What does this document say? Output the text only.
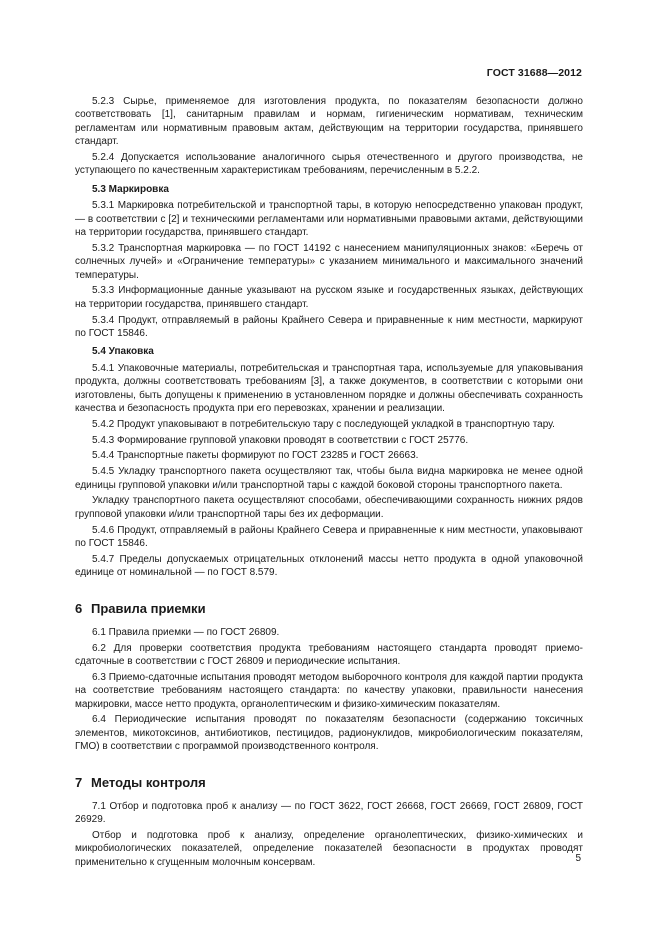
ГОСТ 31688—2012

5.2.3 Сырье, применяемое для изготовления продукта, по показателям безопасности должно соответствовать [1], санитарным правилам и нормам, гигиеническим нормативам, техническим регламентам или нормативным правовым актам, действующим на территории государства, принявшего стандарт.

5.2.4 Допускается использование аналогичного сырья отечественного и другого производства, не уступающего по качественным характеристикам требованиям, перечисленным в 5.2.2.

5.3 Маркировка

5.3.1 Маркировка потребительской и транспортной тары, в которую непосредственно упакован продукт, — в соответствии с [2] и техническими регламентами или нормативными правовыми актами, действующими на территории государства, принявшего стандарт.

5.3.2 Транспортная маркировка — по ГОСТ 14192 с нанесением манипуляционных знаков: «Беречь от солнечных лучей» и «Ограничение температуры» с указанием минимального и максимального значений температуры.

5.3.3 Информационные данные указывают на русском языке и государственных языках, действующих на территории государства, принявшего стандарт.

5.3.4 Продукт, отправляемый в районы Крайнего Севера и приравненные к ним местности, маркируют по ГОСТ 15846.

5.4 Упаковка

5.4.1 Упаковочные материалы, потребительская и транспортная тара, используемые для упаковывания продукта, должны соответствовать требованиям [3], а также документов, в соответствии с которыми они изготовлены, быть допущены к применению в установленном порядке и должны обеспечивать сохранность качества и безопасность продукта при его перевозках, хранении и реализации.

5.4.2 Продукт упаковывают в потребительскую тару с последующей укладкой в транспортную тару.

5.4.3 Формирование групповой упаковки проводят в соответствии с ГОСТ 25776.

5.4.4 Транспортные пакеты формируют по ГОСТ 23285 и ГОСТ 26663.

5.4.5 Укладку транспортного пакета осуществляют так, чтобы была видна маркировка не менее одной единицы групповой упаковки и/или транспортной тары с каждой боковой стороны транспортного пакета.

Укладку транспортного пакета осуществляют способами, обеспечивающими сохранность нижних рядов групповой упаковки и/или транспортной тары без их деформации.

5.4.6 Продукт, отправляемый в районы Крайнего Севера и приравненные к ним местности, упаковывают по ГОСТ 15846.

5.4.7 Пределы допускаемых отрицательных отклонений массы нетто продукта в одной упаковочной единице от номинальной — по ГОСТ 8.579.

6 Правила приемки

6.1 Правила приемки — по ГОСТ 26809.

6.2 Для проверки соответствия продукта требованиям настоящего стандарта проводят приемо-сдаточные в соответствии с ГОСТ 26809 и периодические испытания.

6.3 Приемо-сдаточные испытания проводят методом выборочного контроля для каждой партии продукта на соответствие требованиям настоящего стандарта: по качеству упаковки, правильности нанесения маркировки, массе нетто продукта, органолептическим и физико-химическим показателям.

6.4 Периодические испытания проводят по показателям безопасности (содержанию токсичных элементов, микотоксинов, антибиотиков, пестицидов, радионуклидов, микробиологическим показателям, ГМО) в соответствии с программой производственного контроля.

7 Методы контроля

7.1 Отбор и подготовка проб к анализу — по ГОСТ 3622, ГОСТ 26668, ГОСТ 26669, ГОСТ 26809, ГОСТ 26929.

Отбор и подготовка проб к анализу, определение органолептических, физико-химических и микробиологических показателей, определение показателей безопасности в продуктах проводят применительно к сгущенным молочным консервам.	5
